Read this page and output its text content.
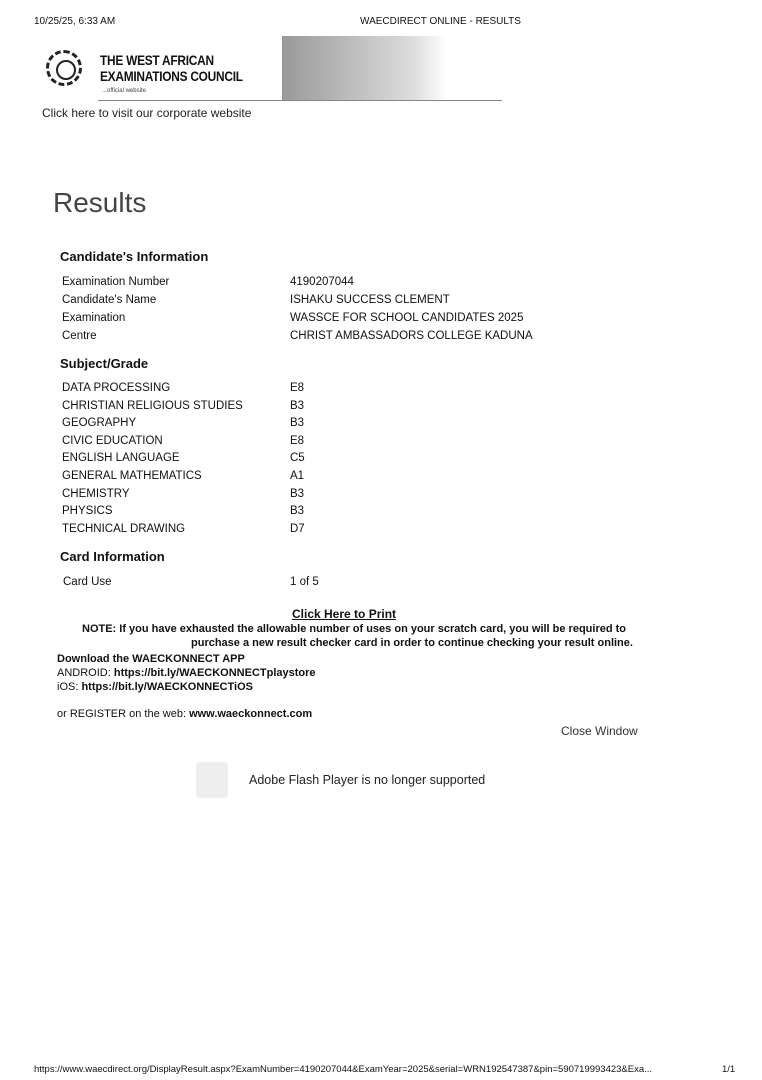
10/25/25, 6:33 AM	WAECDIRECT ONLINE - RESULTS
THE WEST AFRICAN
EXAMINATIONS COUNCIL
...official website
Click here to visit our corporate website
Results
Candidate's Information
Examination Number	4190207044
Candidate's Name	ISHAKU SUCCESS CLEMENT
Examination	WASSCE FOR SCHOOL CANDIDATES 2025
Centre	CHRIST AMBASSADORS COLLEGE KADUNA
Subject/Grade
DATA PROCESSING	E8
CHRISTIAN RELIGIOUS STUDIES	B3
GEOGRAPHY	B3
CIVIC EDUCATION	E8
ENGLISH LANGUAGE	C5
GENERAL MATHEMATICS	A1
CHEMISTRY	B3
PHYSICS	B3
TECHNICAL DRAWING	D7
Card Information
Card Use	1 of 5
Click Here to Print
NOTE: If you have exhausted the allowable number of uses on your scratch card, you will be required to
purchase a new result checker card in order to continue checking your result online.
Download the WAECKONNECT APP
ANDROID: https://bit.ly/WAECKONNECTplaystore
iOS: https://bit.ly/WAECKONNECTiOS
or REGISTER on the web: www.waeckonnect.com
Close Window
Adobe Flash Player is no longer supported
https://www.waecdirect.org/DisplayResult.aspx?ExamNumber=4190207044&ExamYear=2025&serial=WRN192547387&pin=590719993423&Exa...	1/1
